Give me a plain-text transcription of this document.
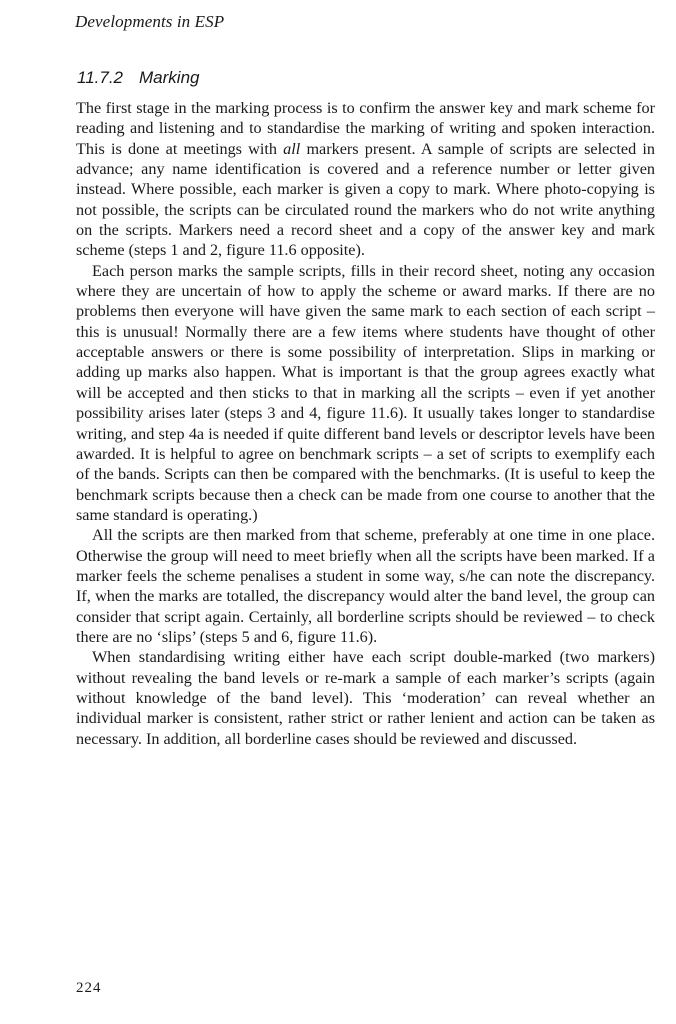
Developments in ESP
11.7.2 Marking

The first stage in the marking process is to confirm the answer key and mark scheme for reading and listening and to standardise the marking of writing and spoken interaction. This is done at meetings with all markers present. A sample of scripts are selected in advance; any name identification is covered and a reference number or letter given instead. Where possible, each marker is given a copy to mark. Where photo-copying is not possible, the scripts can be circulated round the markers who do not write anything on the scripts. Markers need a record sheet and a copy of the answer key and mark scheme (steps 1 and 2, figure 11.6 opposite).

Each person marks the sample scripts, fills in their record sheet, noting any occasion where they are uncertain of how to apply the scheme or award marks. If there are no problems then everyone will have given the same mark to each section of each script – this is unusual! Normally there are a few items where students have thought of other acceptable answers or there is some possibility of interpretation. Slips in marking or adding up marks also happen. What is important is that the group agrees exactly what will be accepted and then sticks to that in marking all the scripts – even if yet another possibility arises later (steps 3 and 4, figure 11.6). It usually takes longer to standardise writing, and step 4a is needed if quite different band levels or descriptor levels have been awarded. It is helpful to agree on benchmark scripts – a set of scripts to exemplify each of the bands. Scripts can then be compared with the benchmarks. (It is useful to keep the benchmark scripts because then a check can be made from one course to another that the same standard is operating.)

All the scripts are then marked from that scheme, preferably at one time in one place. Otherwise the group will need to meet briefly when all the scripts have been marked. If a marker feels the scheme penalises a student in some way, s/he can note the discrepancy. If, when the marks are totalled, the discrepancy would alter the band level, the group can consider that script again. Certainly, all borderline scripts should be reviewed – to check there are no ‘slips’ (steps 5 and 6, figure 11.6).

When standardising writing either have each script double-marked (two markers) without revealing the band levels or re-mark a sample of each marker’s scripts (again without knowledge of the band level). This ‘moderation’ can reveal whether an individual marker is consistent, rather strict or rather lenient and action can be taken as necessary. In addition, all borderline cases should be reviewed and discussed.

224
